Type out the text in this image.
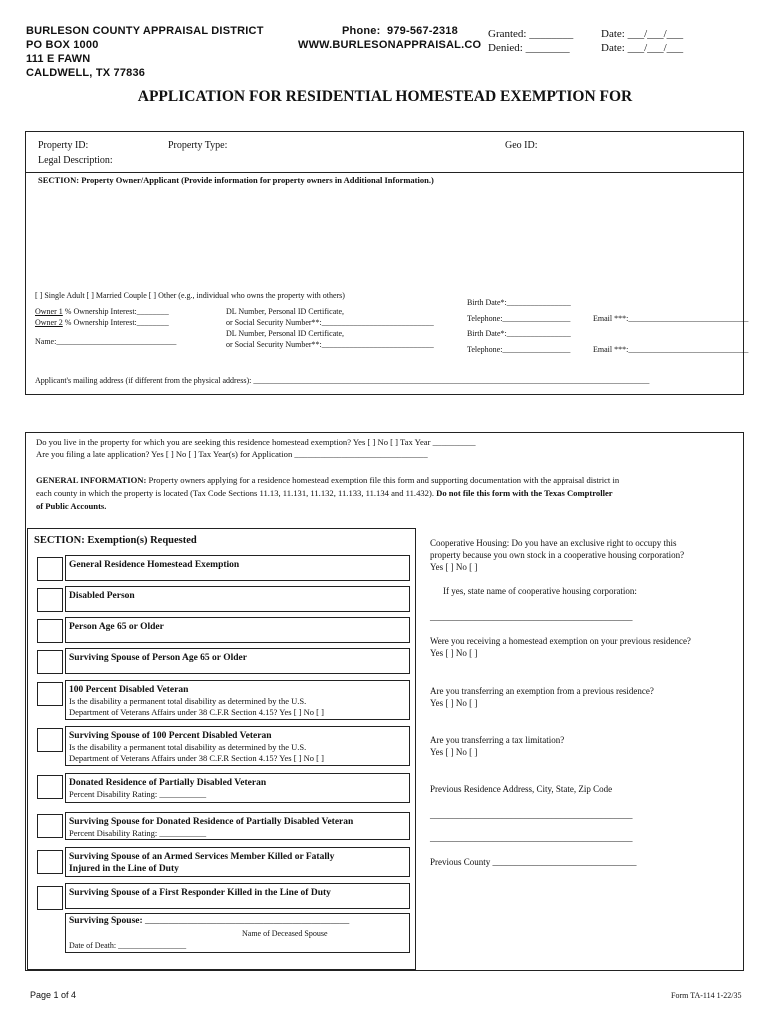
BURLESON COUNTY APPRAISAL DISTRICT
PO BOX 1000
111 E FAWN
CALDWELL, TX 77836
Phone: 979-567-2318
WWW.BURLESONAPPRAISAL.CO
Granted: ________
Denied: ________
Date: ___/___/___
Date: ___/___/___
APPLICATION FOR RESIDENTIAL HOMESTEAD EXEMPTION FOR
Property ID:	Property Type:	Geo ID:
Legal Description:
SECTION: Property Owner/Applicant (Provide information for property owners in Additional Information.)
[ ] Single Adult [ ] Married Couple [ ] Other (e.g., individual who owns the property with others)
Owner 1 % Ownership Interest:________
Owner 2 % Ownership Interest:________
Name:______________________________
DL Number, Personal ID Certificate,
or Social Security Number**:____________________________
DL Number, Personal ID Certificate,
or Social Security Number**:____________________________
Birth Date*:________________
Telephone:_________________	Email ***:______________________________
Birth Date*:________________
Telephone:_________________	Email ***:______________________________
Applicant's mailing address (if different from the physical address): ___________________________________________________________________________________________________
Do you live in the property for which you are seeking this residence homestead exemption? Yes [ ] No [ ] Tax Year __________
Are you filing a late application? Yes [ ] No [ ] Tax Year(s) for Application _______________________________
GENERAL INFORMATION: Property owners applying for a residence homestead exemption file this form and supporting documentation with the appraisal district in
each county in which the property is located (Tax Code Sections 11.13, 11.131, 11.132, 11.133, 11.134 and 11.432). Do not file this form with the Texas Comptroller
of Public Accounts.
SECTION: Exemption(s) Requested
General Residence Homestead Exemption
Disabled Person
Person Age 65 or Older
Surviving Spouse of Person Age 65 or Older
100 Percent Disabled Veteran
Is the disability a permanent total disability as determined by the U.S.
Department of Veterans Affairs under 38 C.F.R Section 4.15? Yes [ ] No [ ]
Surviving Spouse of 100 Percent Disabled Veteran
Is the disability a permanent total disability as determined by the U.S.
Department of Veterans Affairs under 38 C.F.R Section 4.15? Yes [ ] No [ ]
Donated Residence of Partially Disabled Veteran
Percent Disability Rating: ___________
Surviving Spouse for Donated Residence of Partially Disabled Veteran
Percent Disability Rating: ___________
Surviving Spouse of an Armed Services Member Killed or Fatally
Injured in the Line of Duty
Surviving Spouse of a First Responder Killed in the Line of Duty
Surviving Spouse: ___________________________________________
Name of Deceased Spouse
Date of Death: _________________
Cooperative Housing: Do you have an exclusive right to occupy this
property because you own stock in a cooperative housing corporation?
Yes [ ] No [ ]
If yes, state name of cooperative housing corporation:
_____________________________________________
Were you receiving a homestead exemption on your previous residence?
Yes [ ] No [ ]
Are you transferring an exemption from a previous residence?
Yes [ ] No [ ]
Are you transferring a tax limitation?
Yes [ ] No [ ]
Previous Residence Address, City, State, Zip Code
_____________________________________________
_____________________________________________
Previous County ________________________________
Page 1 of 4	Form TA-114 1-22/35
